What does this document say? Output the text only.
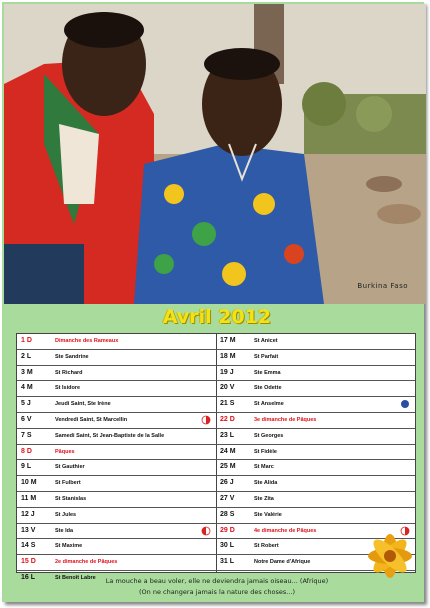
Burkina Faso
Avril 2012
1 D	Dimanche des Rameaux
2 L	Ste Sandrine
3 M	St Richard
4 M	St Isidore
5 J	Jeudi Saint, Ste Irène
6 V	Vendredi Saint, St Marcellin
7 S	Samedi Saint, St Jean-Baptiste de la Salle
8 D	Pâques
9 L	St Gauthier
10 M	St Fulbert
11 M	St Stanislas
12 J	St Jules
13 V	Ste Ida
14 S	St Maxime
15 D	2e dimanche de Pâques
16 L	St Benoît Labre
17 M	St Anicet
18 M	St Parfait
19 J	Ste Emma
20 V	Ste Odette
21 S	St Anselme
22 D	3e dimanche de Pâques
23 L	St Georges
24 M	St Fidèle
25 M	St Marc
26 J	Ste Alida
27 V	Ste Zita
28 S	Ste Valérie
29 D	4e dimanche de Pâques
30 L	St Robert
31 L	Notre Dame d'Afrique
La mouche a beau voler, elle ne deviendra jamais oiseau... (Afrique)
(On ne changera jamais la nature des choses...)
